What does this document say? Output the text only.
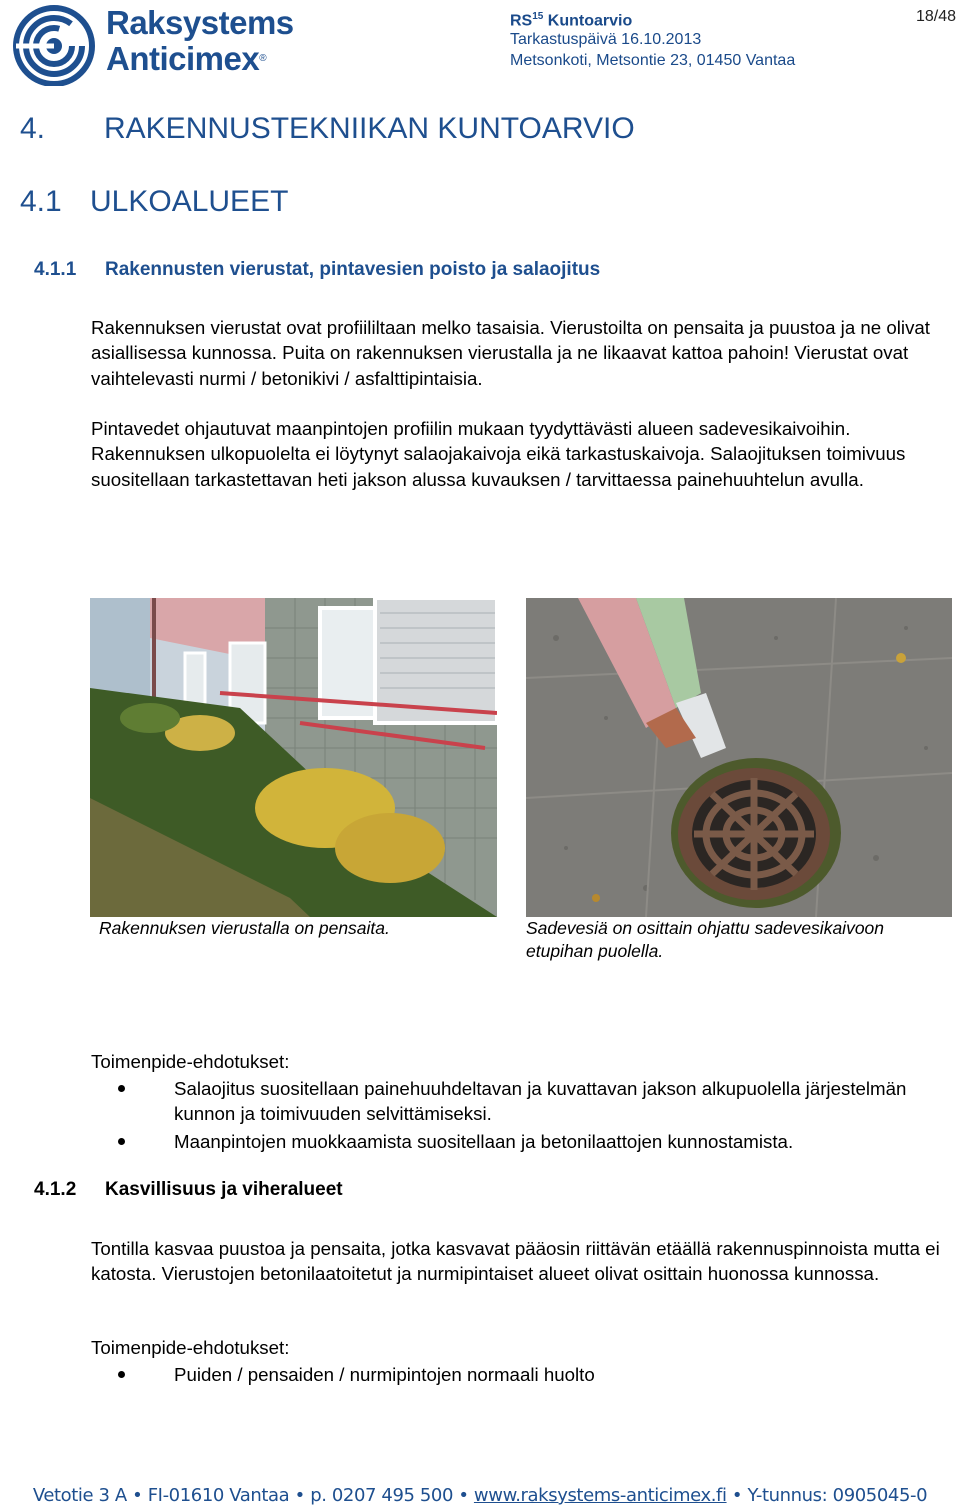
Raksystems
Anticimex®
RS$^{15}$ Kuntoarvio
Tarkastuspäivä 16.10.2013
Metsonkoti, Metsontie 23, 01450 Vantaa
18/48
4. RAKENNUSTEKNIIKAN KUNTOARVIO
4.1 ULKOALUEET
4.1.1 Rakennusten vierustat, pintavesien poisto ja salaojitus
Rakennuksen vierustat ovat profiililtaan melko tasaisia. Vierustoilta on pensaita ja puustoa ja ne olivat asiallisessa kunnossa. Puita on rakennuksen vierustalla ja ne likaavat kattoa pahoin! Vierustat ovat vaihtelevasti nurmi / betonikivi / asfalttipintaisia.
Pintavedet ohjautuvat maanpintojen profiilin mukaan tyydyttävästi alueen sadevesikaivoihin. Rakennuksen ulkopuolelta ei löytynyt salaojakaivoja eikä tarkastuskaivoja. Salaojituksen toimivuus suositellaan tarkastettavan heti jakson alussa kuvauksen / tarvittaessa painehuuhtelun avulla.
Rakennuksen vierustalla on pensaita.	Sadevesiä on osittain ohjattu sadevesikaivoon etupihan puolella.
Toimenpide-ehdotukset:
Salaojitus suositellaan painehuuhdeltavan ja kuvattavan jakson alkupuolella järjestelmän kunnon ja toimivuuden selvittämiseksi.
Maanpintojen muokkaamista suositellaan ja betonilaattojen kunnostamista.
4.1.2 Kasvillisuus ja viheralueet
Tontilla kasvaa puustoa ja pensaita, jotka kasvavat pääosin riittävän etäällä rakennuspinnoista mutta ei katosta. Vierustojen betonilaatoitetut ja nurmipintaiset alueet olivat osittain huonossa kunnossa.
Toimenpide-ehdotukset:
Puiden / pensaiden / nurmipintojen normaali huolto
Vetotie 3 A • FI-01610 Vantaa • p. 0207 495 500 • www.raksystems-anticimex.fi • Y-tunnus: 0905045-0
